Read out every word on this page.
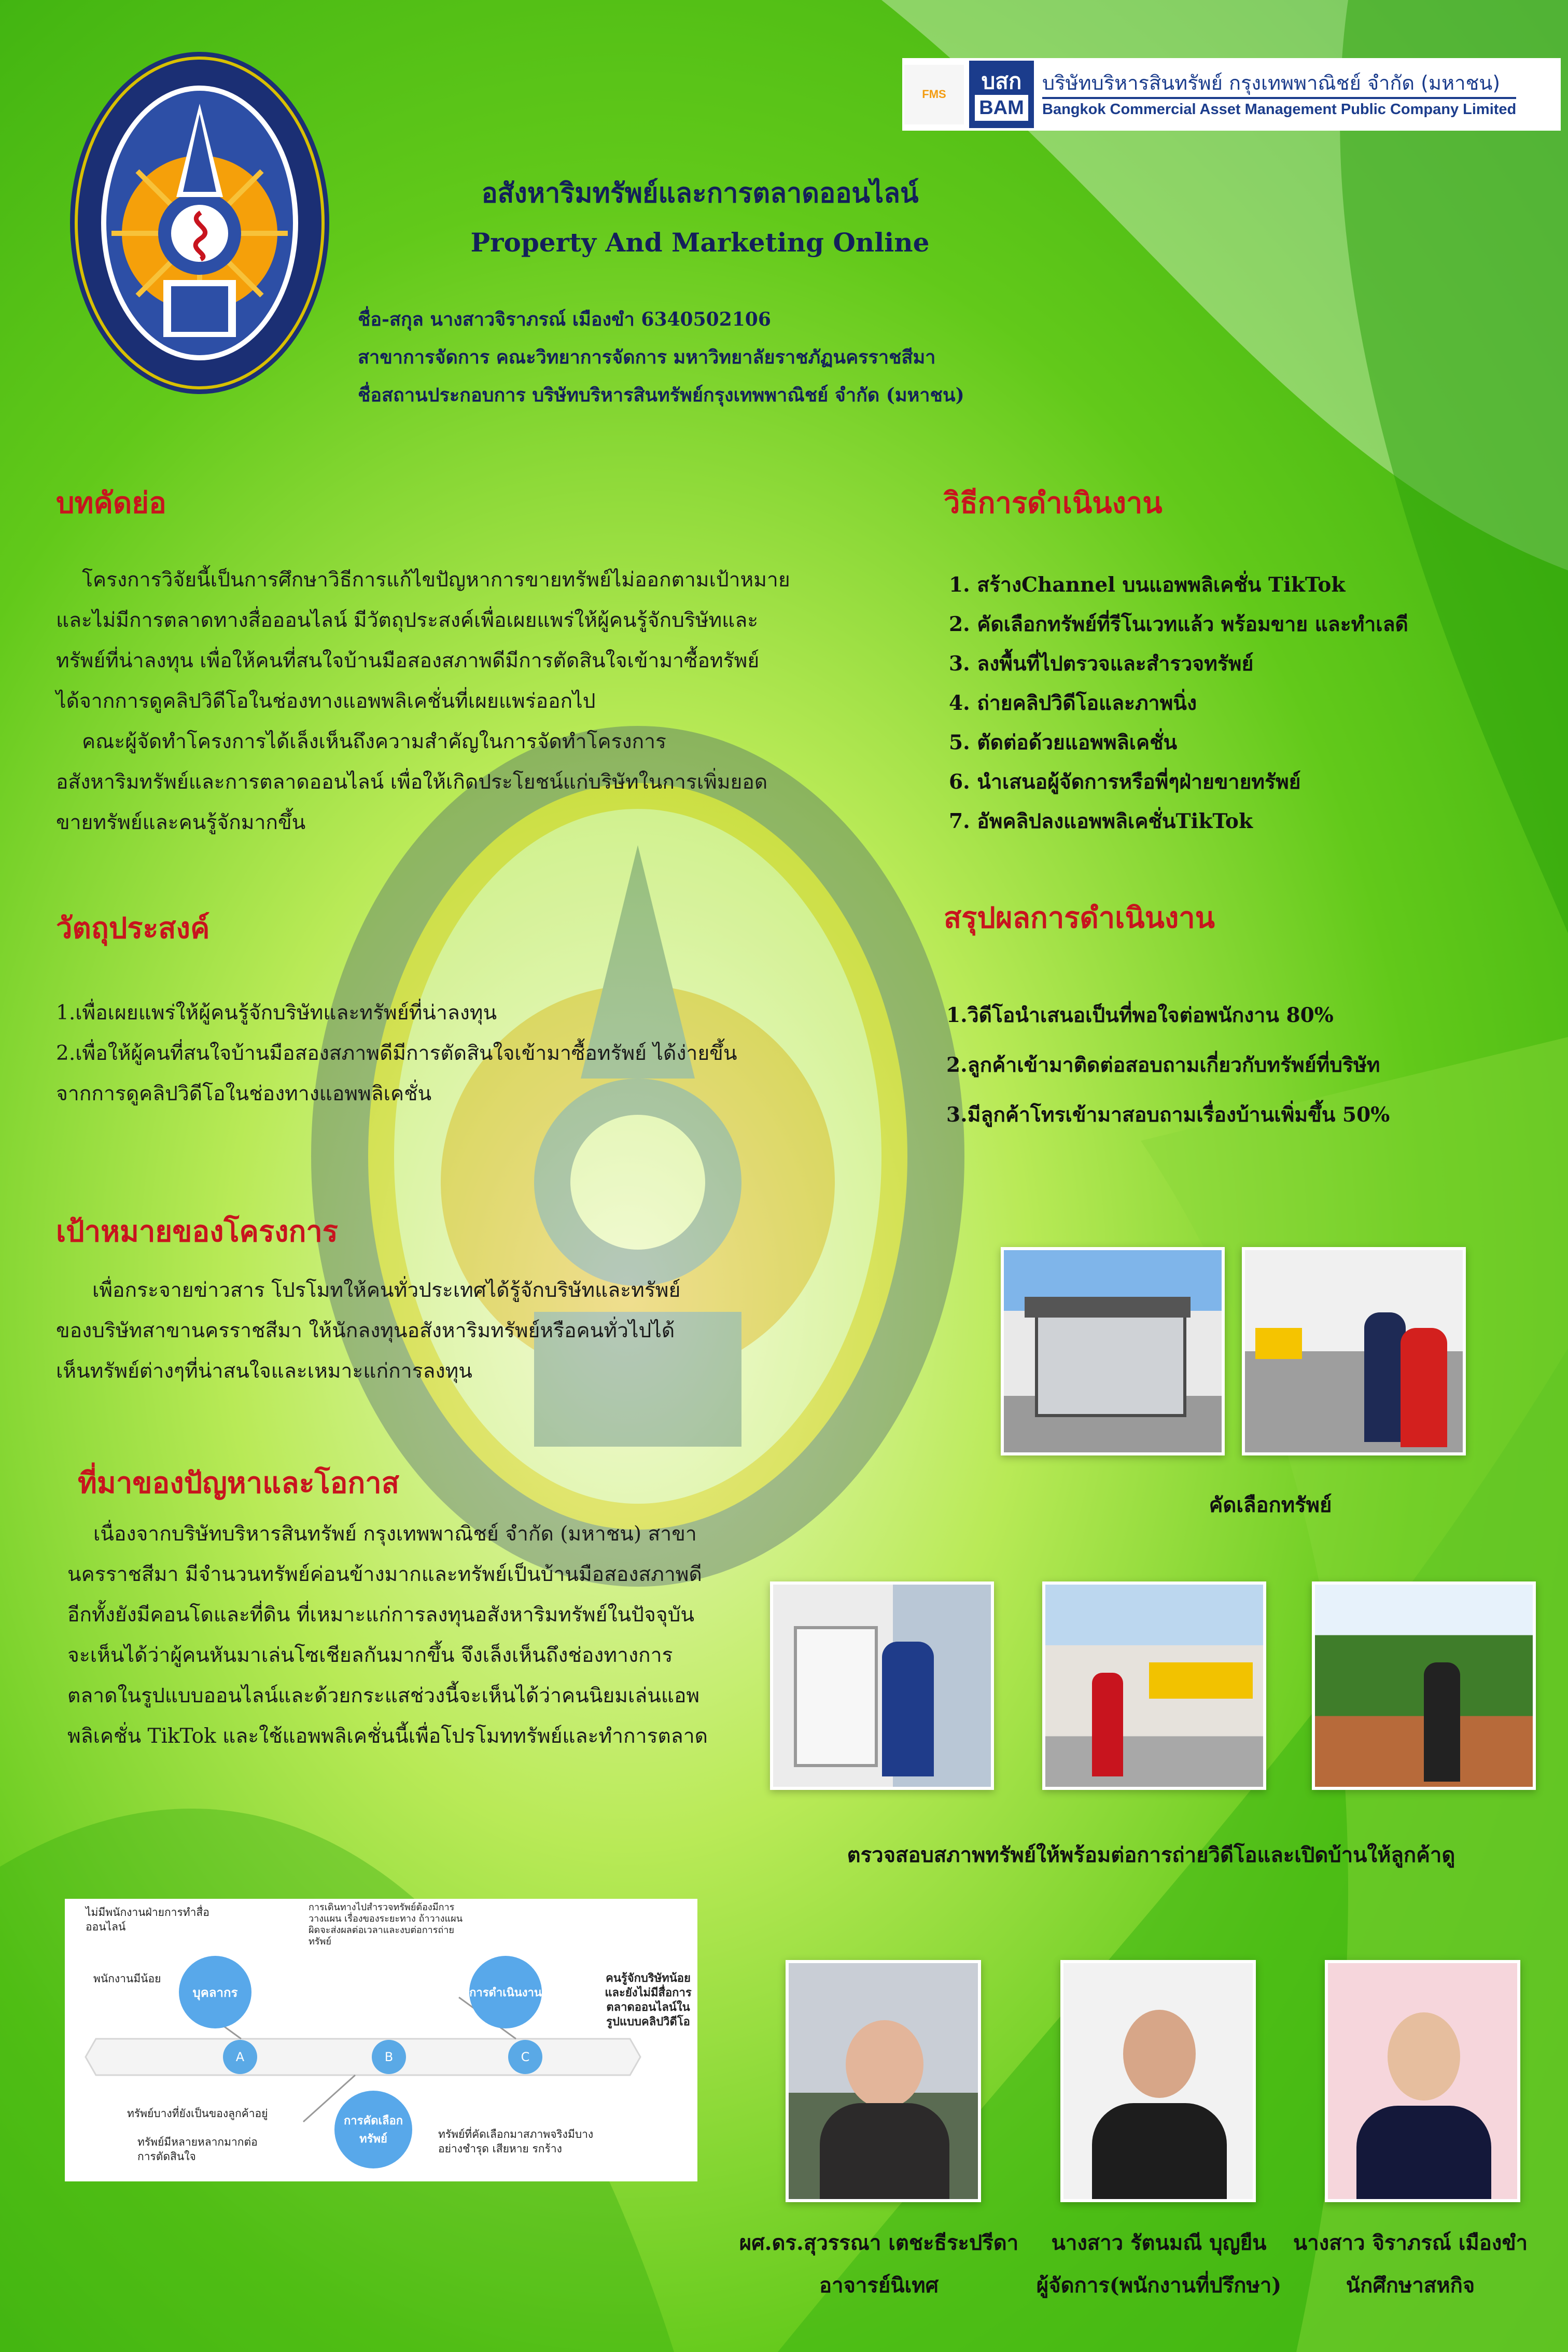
FMS
บสก
BAM
บริษัทบริหารสินทรัพย์ กรุงเทพพาณิชย์ จำกัด (มหาชน)
Bangkok Commercial Asset Management Public Company Limited
อสังหาริมทรัพย์และการตลาดออนไลน์
Property And Marketing Online
ชื่อ-สกุล นางสาวจิราภรณ์ เมืองขำ 6340502106
สาขาการจัดการ คณะวิทยาการจัดการ มหาวิทยาลัยราชภัฏนครราชสีมา
ชื่อสถานประกอบการ บริษัทบริหารสินทรัพย์กรุงเทพพาณิชย์ จำกัด (มหาชน)
บทคัดย่อ
โครงการวิจัยนี้เป็นการศึกษาวิธีการแก้ไขปัญหาการขายทรัพย์ไม่ออกตามเป้าหมาย
และไม่มีการตลาดทางสื่อออนไลน์ มีวัตถุประสงค์เพื่อเผยแพร่ให้ผู้คนรู้จักบริษัทและ
ทรัพย์ที่น่าลงทุน เพื่อให้คนที่สนใจบ้านมือสองสภาพดีมีการตัดสินใจเข้ามาซื้อทรัพย์
ได้จากการดูคลิปวิดีโอในช่องทางแอพพลิเคชั่นที่เผยแพร่ออกไป
คณะผู้จัดทำโครงการได้เล็งเห็นถึงความสำคัญในการจัดทำโครงการ
อสังหาริมทรัพย์และการตลาดออนไลน์ เพื่อให้เกิดประโยชน์แก่บริษัทในการเพิ่มยอด
ขายทรัพย์และคนรู้จักมากขึ้น
วัตถุประสงค์
1.เพื่อเผยแพร่ให้ผู้คนรู้จักบริษัทและทรัพย์ที่น่าลงทุน
2.เพื่อให้ผู้คนที่สนใจบ้านมือสองสภาพดีมีการตัดสินใจเข้ามาซื้อทรัพย์ ได้ง่ายขึ้น
จากการดูคลิปวิดีโอในช่องทางแอพพลิเคชั่น
เป้าหมายของโครงการ
เพื่อกระจายข่าวสาร โปรโมทให้คนทั่วประเทศได้รู้จักบริษัทและทรัพย์
ของบริษัทสาขานครราชสีมา ให้นักลงทุนอสังหาริมทรัพย์หรือคนทั่วไปได้
เห็นทรัพย์ต่างๆที่น่าสนใจและเหมาะแก่การลงทุน
ที่มาของปัญหาและโอกาส
เนื่องจากบริษัทบริหารสินทรัพย์ กรุงเทพพาณิชย์ จำกัด (มหาชน) สาขา
นครราชสีมา มีจำนวนทรัพย์ค่อนข้างมากและทรัพย์เป็นบ้านมือสองสภาพดี
อีกทั้งยังมีคอนโดและที่ดิน ที่เหมาะแก่การลงทุนอสังหาริมทรัพย์ในปัจจุบัน
จะเห็นได้ว่าผู้คนหันมาเล่นโซเชียลกันมากขึ้น จึงเล็งเห็นถึงช่องทางการ
ตลาดในรูปแบบออนไลน์และด้วยกระแสช่วงนี้จะเห็นได้ว่าคนนิยมเล่นแอพ
พลิเคชั่น TikTok และใช้แอพพลิเคชั่นนี้เพื่อโปรโมททรัพย์และทำการตลาด
วิธีการดำเนินงาน
1. สร้างChannel บนแอพพลิเคชั่น TikTok
2. คัดเลือกทรัพย์ที่รีโนเวทแล้ว พร้อมขาย และทำเลดี
3. ลงพื้นที่ไปตรวจและสำรวจทรัพย์
4. ถ่ายคลิปวิดีโอและภาพนิ่ง
5. ตัดต่อด้วยแอพพลิเคชั่น
6. นำเสนอผู้จัดการหรือพี่ๆฝ่ายขายทรัพย์
7. อัพคลิปลงแอพพลิเคชั่นTikTok
สรุปผลการดำเนินงาน
1.วิดีโอนำเสนอเป็นที่พอใจต่อพนักงาน 80%
2.ลูกค้าเข้ามาติดต่อสอบถามเกี่ยวกับทรัพย์ที่บริษัท
3.มีลูกค้าโทรเข้ามาสอบถามเรื่องบ้านเพิ่มขึ้น 50%
คัดเลือกทรัพย์
ตรวจสอบสภาพทรัพย์ให้พร้อมต่อการถ่ายวิดีโอและเปิดบ้านให้ลูกค้าดู
บุคลากร	การดำเนินงาน
การคัดเลือกทรัพย์
A	B	C
ไม่มีพนักงานฝ่ายการทำสื่อออนไลน์
พนักงานมีน้อย
การเดินทางไปสำรวจทรัพย์ต้องมีการวางแผน เรื่องของระยะทาง ถ้าวางแผนผิดจะส่งผลต่อเวลาและงบต่อการถ่ายทรัพย์
ทรัพย์บางที่ยังเป็นของลูกค้าอยู่
ทรัพย์มีหลายหลากมากต่อการตัดสินใจ
ทรัพย์ที่คัดเลือกมาสภาพจริงมีบางอย่างชำรุด เสียหาย รกร้าง
คนรู้จักบริษัทน้อย และยังไม่มีสื่อการตลาดออนไลน์ในรูปแบบคลิปวิดีโอ
ผศ.ดร.สุวรรณา เตชะธีระปรีดา
อาจารย์นิเทศ
นางสาว รัตนมณี บุญยืน
ผู้จัดการ(พนักงานที่ปรึกษา)
นางสาว จิราภรณ์ เมืองขำ
นักศึกษาสหกิจ
